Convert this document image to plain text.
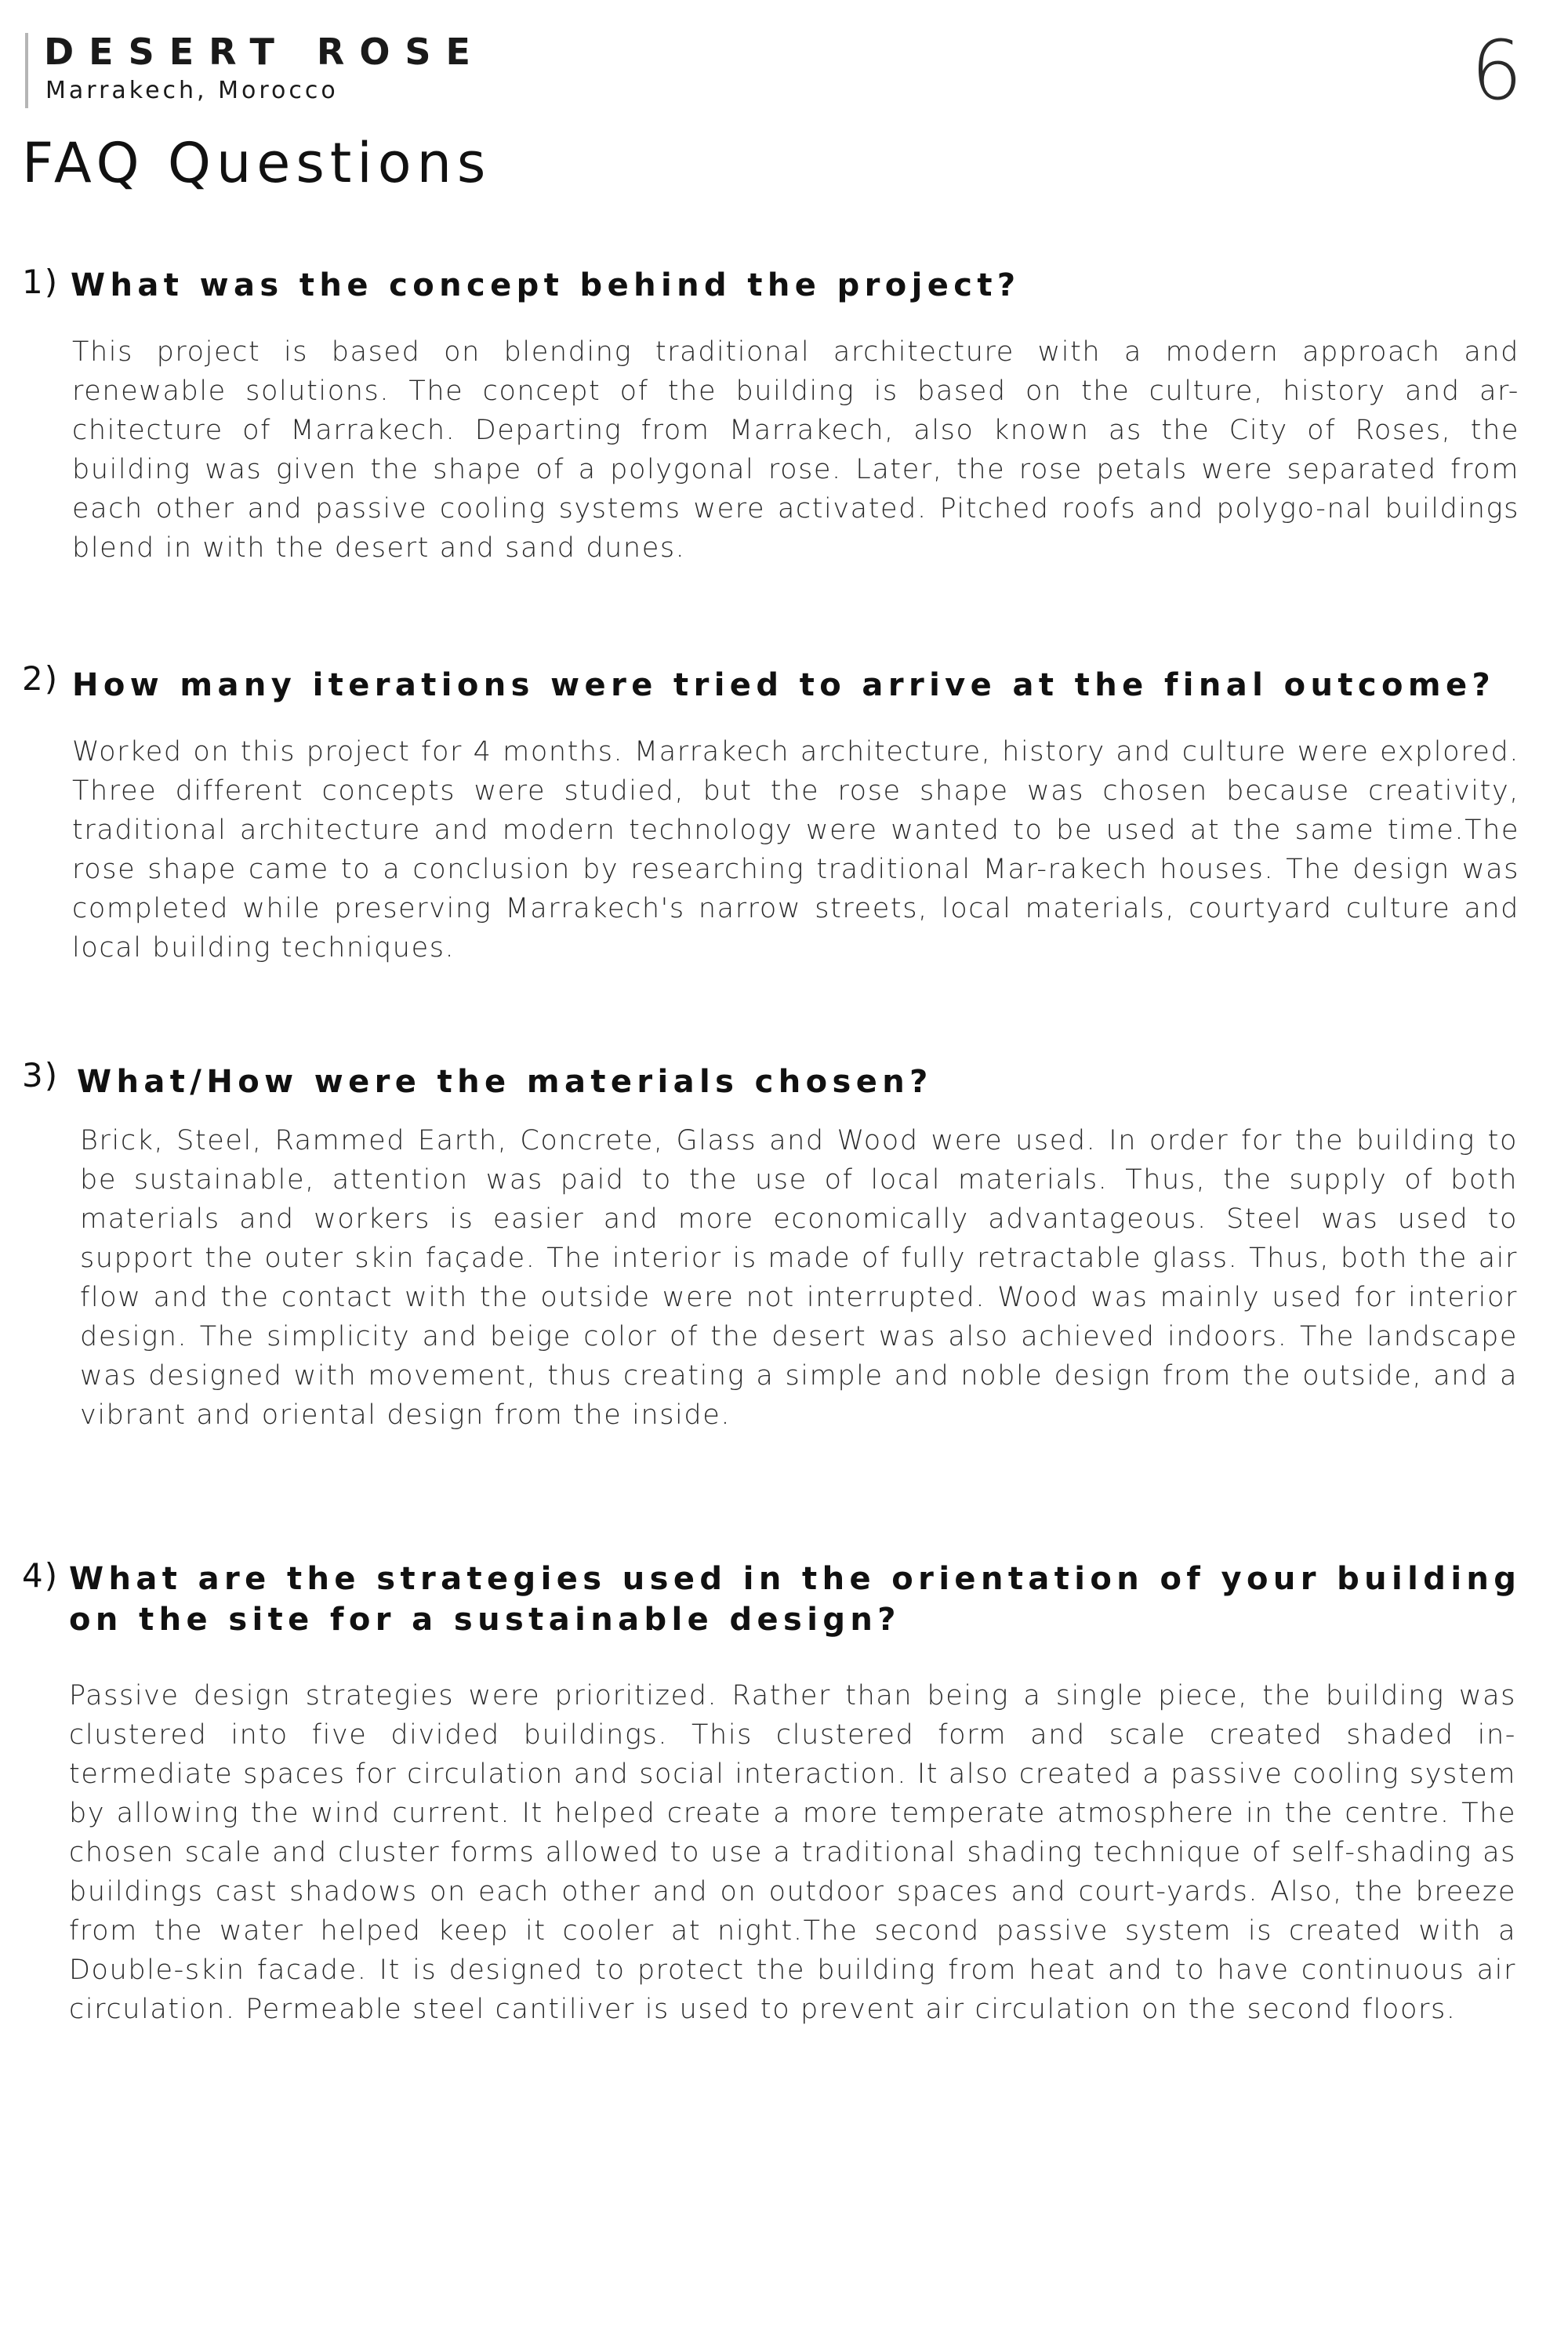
DESERT ROSE
Marrakech, Morocco	6
FAQ Questions
1) What was the concept behind the project?

This project is based on blending traditional architecture with a modern approach and renewable solutions. The concept of the building is based on the culture, history and ar-chitecture of Marrakech. Departing from Marrakech, also known as the City of Roses, the building was given the shape of a polygonal rose. Later, the rose petals were separated from each other and passive cooling systems were activated. Pitched roofs and polygo-nal buildings blend in with the desert and sand dunes.

2) How many iterations were tried to arrive at the final outcome?

Worked on this project for 4 months. Marrakech architecture, history and culture were explored. Three different concepts were studied, but the rose shape was chosen because creativity, traditional architecture and modern technology were wanted to be used at the same time.The rose shape came to a conclusion by researching traditional Mar-rakech houses. The design was completed while preserving Marrakech's narrow streets, local materials, courtyard culture and local building techniques.

3) What/How were the materials chosen?

Brick, Steel, Rammed Earth, Concrete, Glass and Wood were used. In order for the building to be sustainable, attention was paid to the use of local materials. Thus, the supply of both materials and workers is easier and more economically advantageous. Steel was used to support the outer skin façade. The interior is made of fully retractable glass. Thus, both the air flow and the contact with the outside were not interrupted. Wood was mainly used for interior design. The simplicity and beige color of the desert was also achieved indoors. The landscape was designed with movement, thus creating a simple and noble design from the outside, and a vibrant and oriental design from the inside.

4) What are the strategies used in the orientation of your building on the site for a sustainable design?

Passive design strategies were prioritized. Rather than being a single piece, the building was clustered into five divided buildings. This clustered form and scale created shaded in-termediate spaces for circulation and social interaction. It also created a passive cooling system by allowing the wind current. It helped create a more temperate atmosphere in the centre. The chosen scale and cluster forms allowed to use a traditional shading technique of self-shading as buildings cast shadows on each other and on outdoor spaces and court-yards. Also, the breeze from the water helped keep it cooler at night.The second passive system is created with a Double-skin facade. It is designed to protect the building from heat and to have continuous air circulation. Permeable steel cantiliver is used to prevent air circulation on the second floors.
